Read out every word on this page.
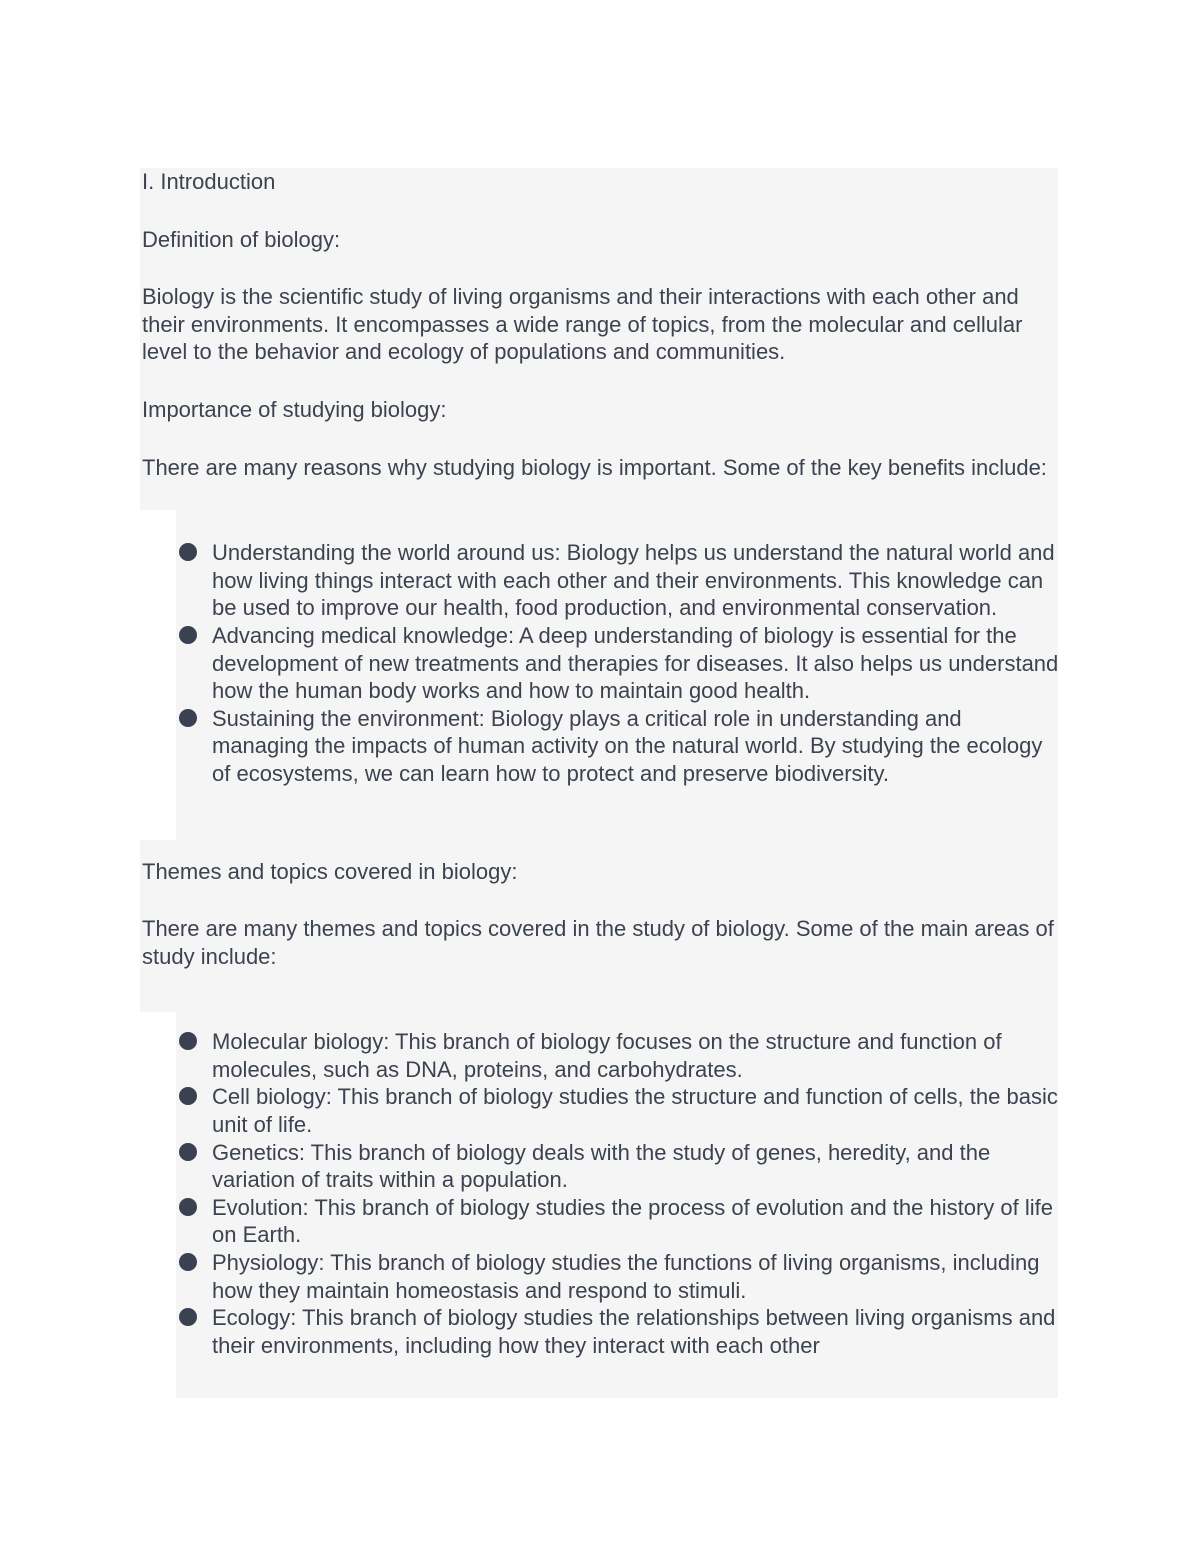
I. Introduction

Definition of biology:

Biology is the scientific study of living organisms and their interactions with each other and their environments. It encompasses a wide range of topics, from the molecular and cellular level to the behavior and ecology of populations and communities.

Importance of studying biology:

There are many reasons why studying biology is important. Some of the key benefits include:

Understanding the world around us: Biology helps us understand the natural world and how living things interact with each other and their environments. This knowledge can be used to improve our health, food production, and environmental conservation.
Advancing medical knowledge: A deep understanding of biology is essential for the development of new treatments and therapies for diseases. It also helps us understand how the human body works and how to maintain good health.
Sustaining the environment: Biology plays a critical role in understanding and managing the impacts of human activity on the natural world. By studying the ecology of ecosystems, we can learn how to protect and preserve biodiversity.

Themes and topics covered in biology:

There are many themes and topics covered in the study of biology. Some of the main areas of study include:

Molecular biology: This branch of biology focuses on the structure and function of molecules, such as DNA, proteins, and carbohydrates.
Cell biology: This branch of biology studies the structure and function of cells, the basic unit of life.
Genetics: This branch of biology deals with the study of genes, heredity, and the variation of traits within a population.
Evolution: This branch of biology studies the process of evolution and the history of life on Earth.
Physiology: This branch of biology studies the functions of living organisms, including how they maintain homeostasis and respond to stimuli.
Ecology: This branch of biology studies the relationships between living organisms and their environments, including how they interact with each other
